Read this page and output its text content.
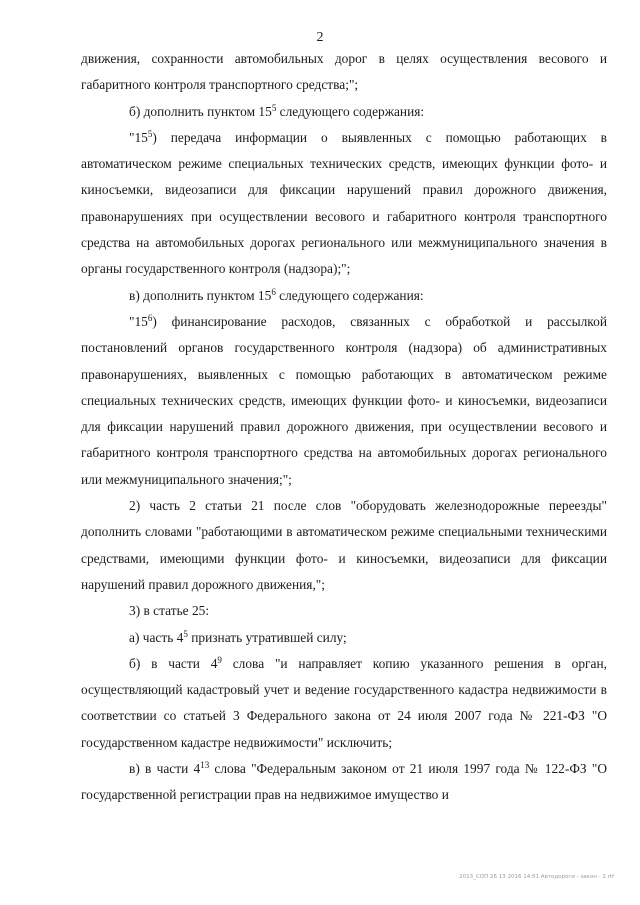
2

движения, сохранности автомобильных дорог в целях осуществления весового и габаритного контроля транспортного средства;";

б) дополнить пунктом $15^5$ следующего содержания:

"$15^5$) передача информации о выявленных с помощью работающих в автоматическом режиме специальных технических средств, имеющих функции фото- и киносъемки, видеозаписи для фиксации нарушений правил дорожного движения, правонарушениях при осуществлении весового и габаритного контроля транспортного средства на автомобильных дорогах регионального или межмуниципального значения в органы государственного контроля (надзора);";

в) дополнить пунктом $15^6$ следующего содержания:

"$15^6$) финансирование расходов, связанных с обработкой и рассылкой постановлений органов государственного контроля (надзора) об административных правонарушениях, выявленных с помощью работающих в автоматическом режиме специальных технических средств, имеющих функции фото- и киносъемки, видеозаписи для фиксации нарушений правил дорожного движения, при осуществлении весового и габаритного контроля транспортного средства на автомобильных дорогах регионального или межмуниципального значения;";

2) часть 2 статьи 21 после слов "оборудовать железнодорожные переезды" дополнить словами "работающими в автоматическом режиме специальными техническими средствами, имеющими функции фото- и киносъемки, видеозаписи для фиксации нарушений правил дорожного движения,";

3) в статье 25:

а) часть $4^5$ признать утратившей силу;

б) в части $4^9$ слова "и направляет копию указанного решения в орган, осуществляющий кадастровый учет и ведение государственного кадастра недвижимости в соответствии со статьей 3 Федерального закона от 24 июля 2007 года № 221-ФЗ "О государственном кадастре недвижимости" исключить;

в) в части $4^{13}$ слова "Федеральным законом от 21 июля 1997 года № 122-ФЗ "О государственной регистрации прав на недвижимое имущество и

2013_СОП 26 13 2016 14:51 Автодороги - закон - 2.rtf
